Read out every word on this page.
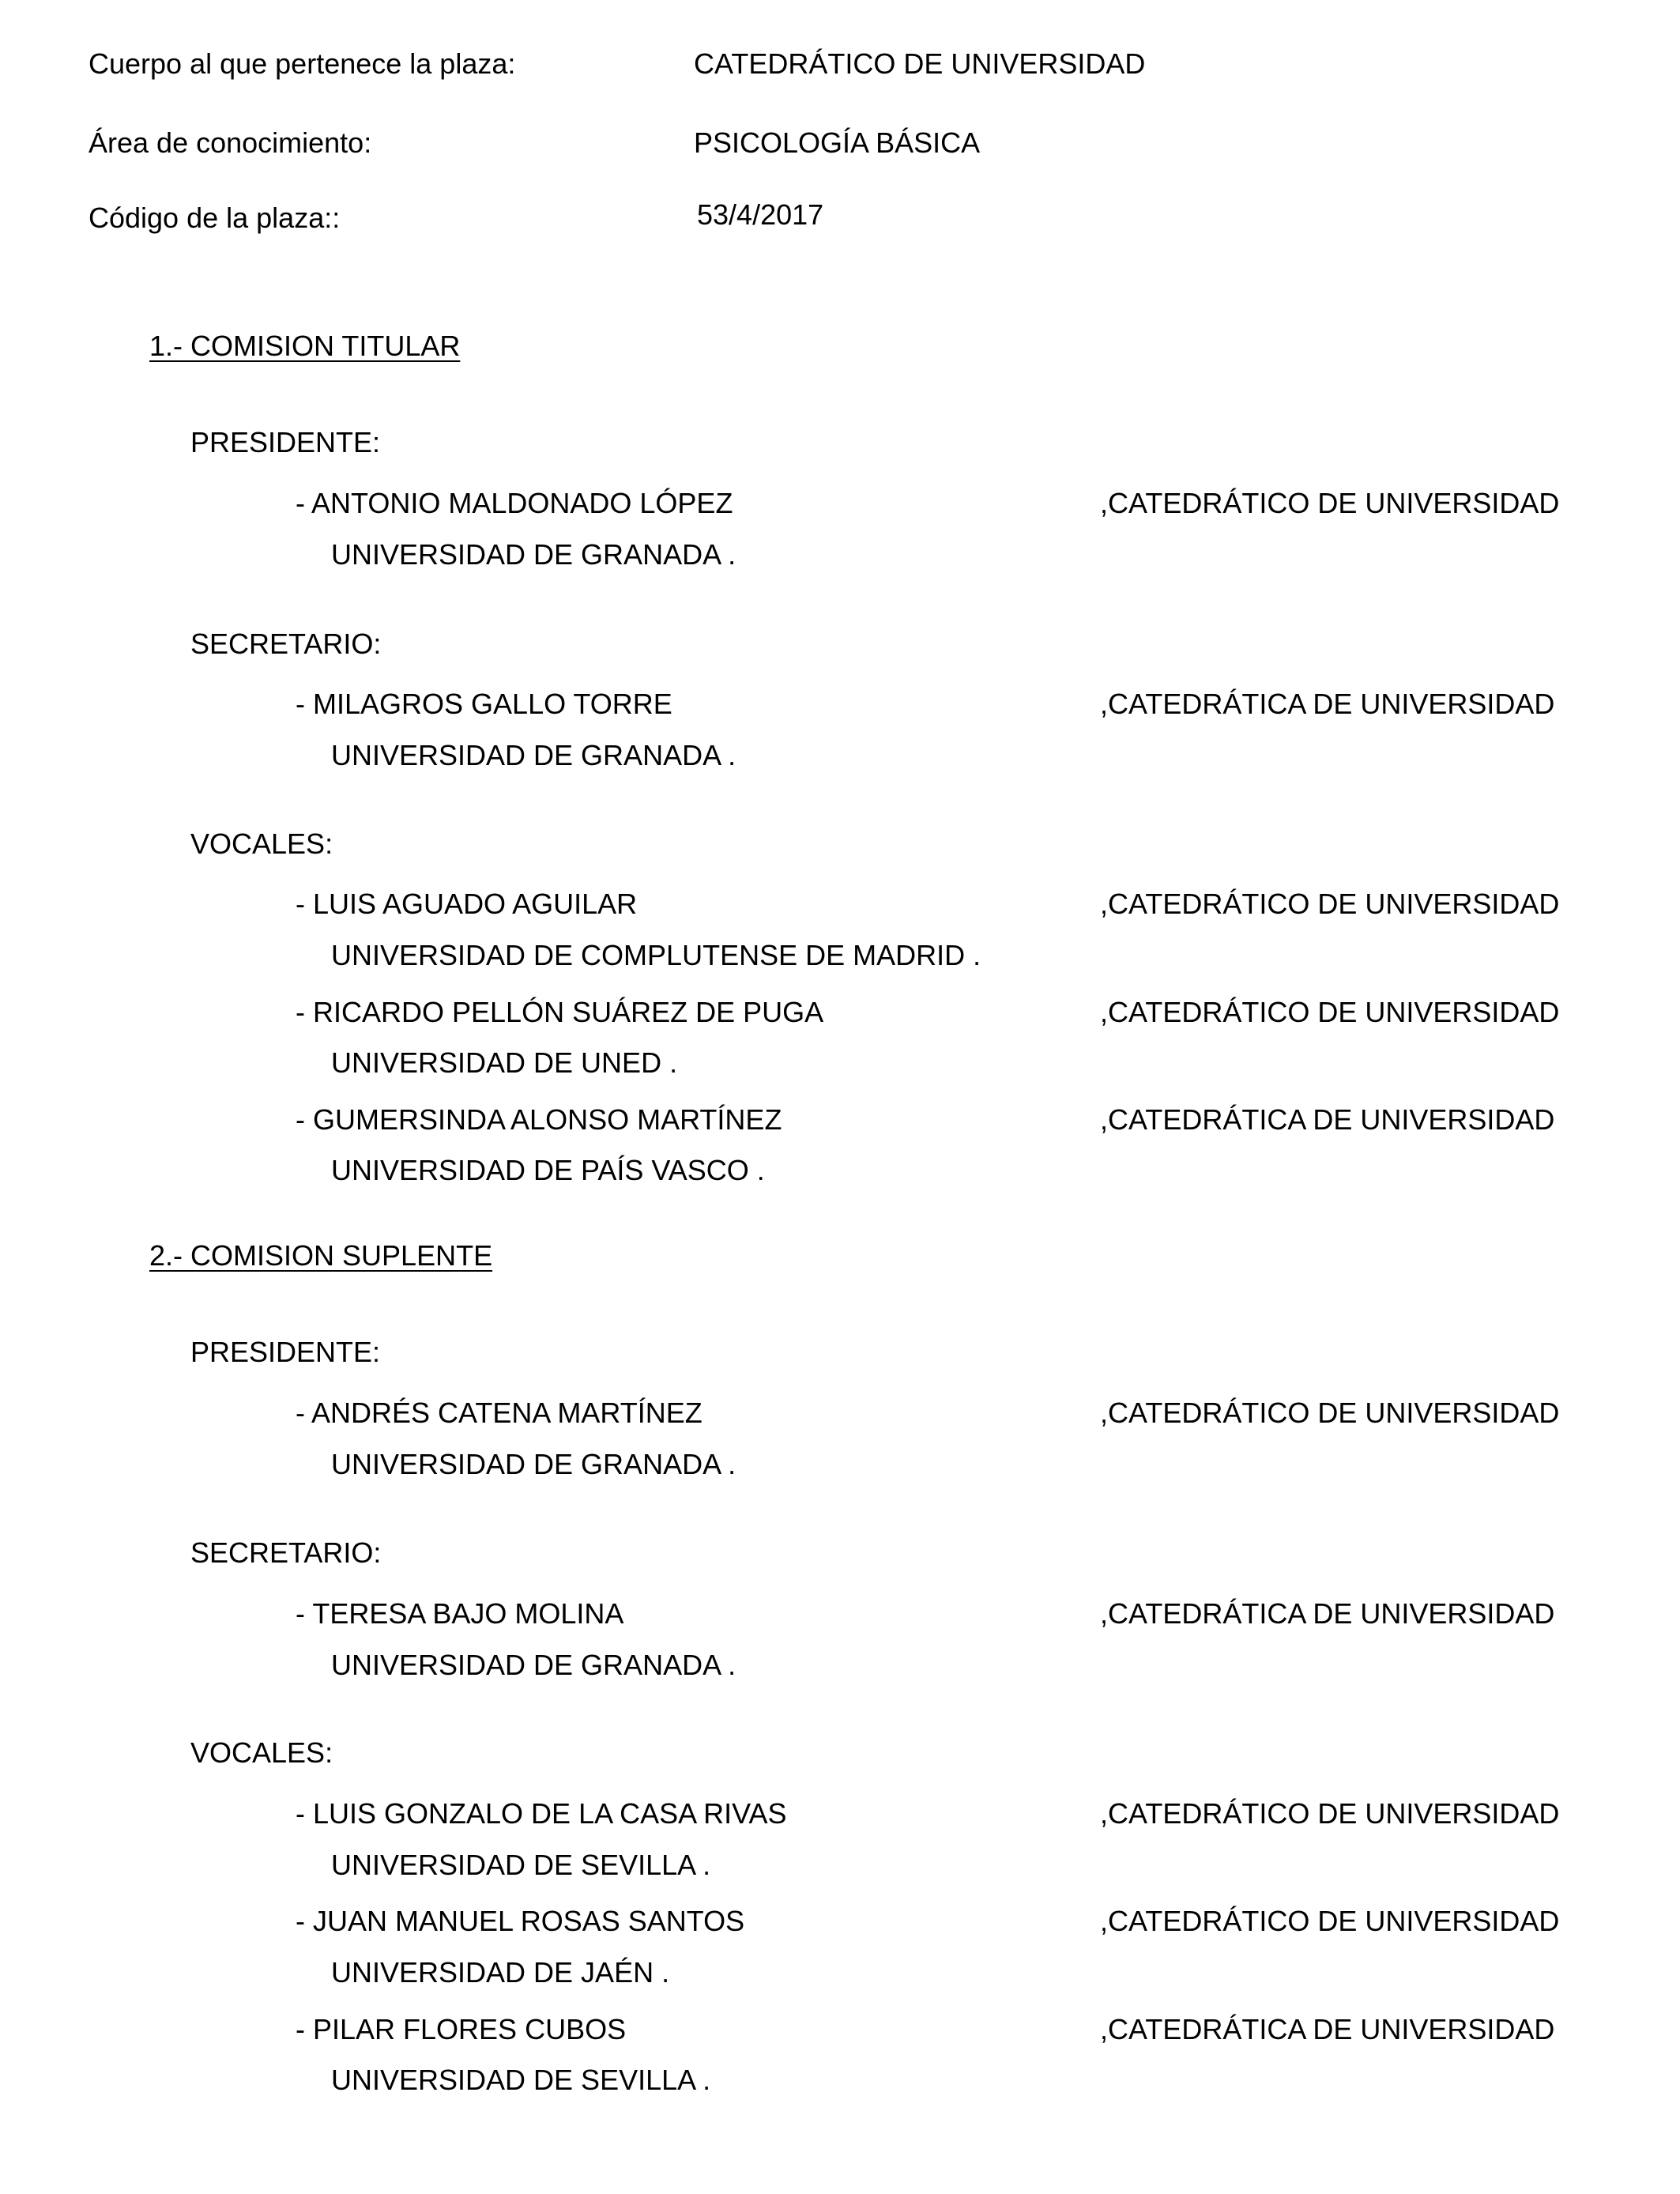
Cuerpo al que pertenece la plaza:	CATEDRÁTICO DE UNIVERSIDAD
Área de conocimiento:	PSICOLOGÍA BÁSICA
Código de la plaza::	53/4/2017
1.- COMISION TITULAR
PRESIDENTE:
- ANTONIO MALDONADO LÓPEZ	,CATEDRÁTICO DE UNIVERSIDAD
UNIVERSIDAD DE GRANADA .
SECRETARIO:
- MILAGROS GALLO TORRE	,CATEDRÁTICA DE UNIVERSIDAD
UNIVERSIDAD DE GRANADA .
VOCALES:
- LUIS AGUADO AGUILAR	,CATEDRÁTICO DE UNIVERSIDAD
UNIVERSIDAD DE COMPLUTENSE DE MADRID .
- RICARDO PELLÓN SUÁREZ DE PUGA	,CATEDRÁTICO DE UNIVERSIDAD
UNIVERSIDAD DE UNED .
- GUMERSINDA ALONSO MARTÍNEZ	,CATEDRÁTICA DE UNIVERSIDAD
UNIVERSIDAD DE PAÍS VASCO .
2.- COMISION SUPLENTE
PRESIDENTE:
- ANDRÉS CATENA MARTÍNEZ	,CATEDRÁTICO DE UNIVERSIDAD
UNIVERSIDAD DE GRANADA .
SECRETARIO:
- TERESA BAJO MOLINA	,CATEDRÁTICA DE UNIVERSIDAD
UNIVERSIDAD DE GRANADA .
VOCALES:
- LUIS GONZALO DE LA CASA RIVAS	,CATEDRÁTICO DE UNIVERSIDAD
UNIVERSIDAD DE SEVILLA .
- JUAN MANUEL ROSAS SANTOS	,CATEDRÁTICO DE UNIVERSIDAD
UNIVERSIDAD DE JAÉN .
- PILAR FLORES CUBOS	,CATEDRÁTICA DE UNIVERSIDAD
UNIVERSIDAD DE SEVILLA .
